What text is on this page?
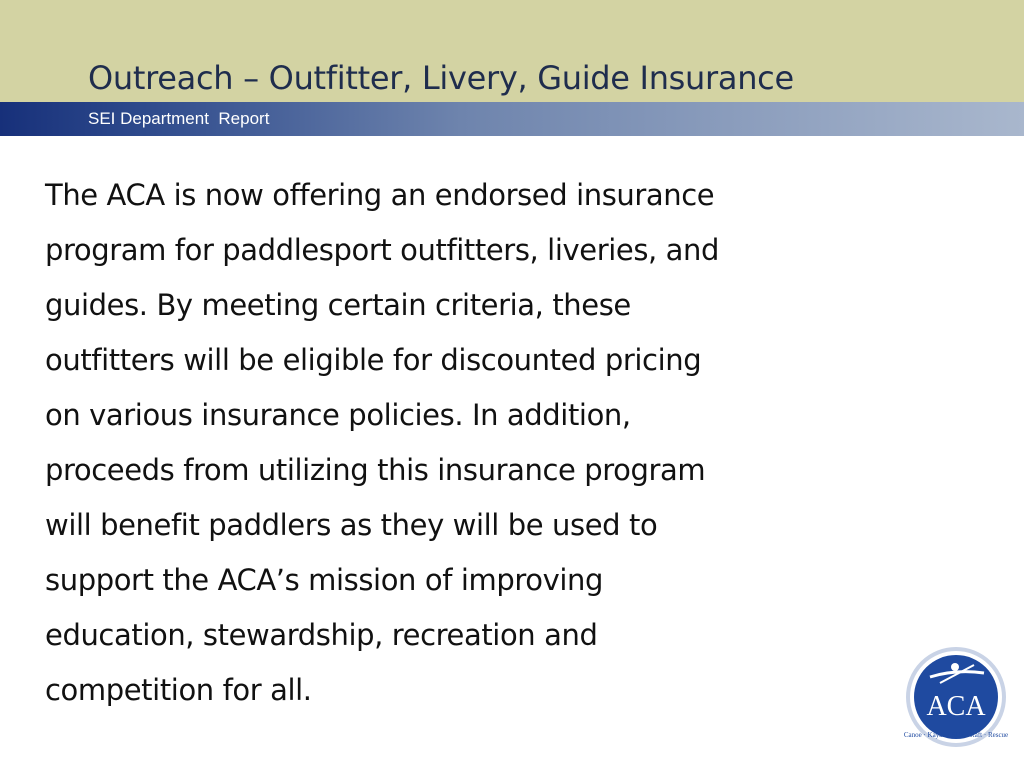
Outreach – Outfitter, Livery, Guide Insurance
SEI Department  Report

The ACA is now offering an endorsed insurance
program for paddlesport outfitters, liveries, and
guides. By meeting certain criteria, these
outfitters will be eligible for discounted pricing
on various insurance policies. In addition,
proceeds from utilizing this insurance program
will benefit paddlers as they will be used to
support the ACA’s mission of improving
education, stewardship, recreation and
competition for all.	ACA
Canoe · Kayak · SUP · Raft · Rescue
